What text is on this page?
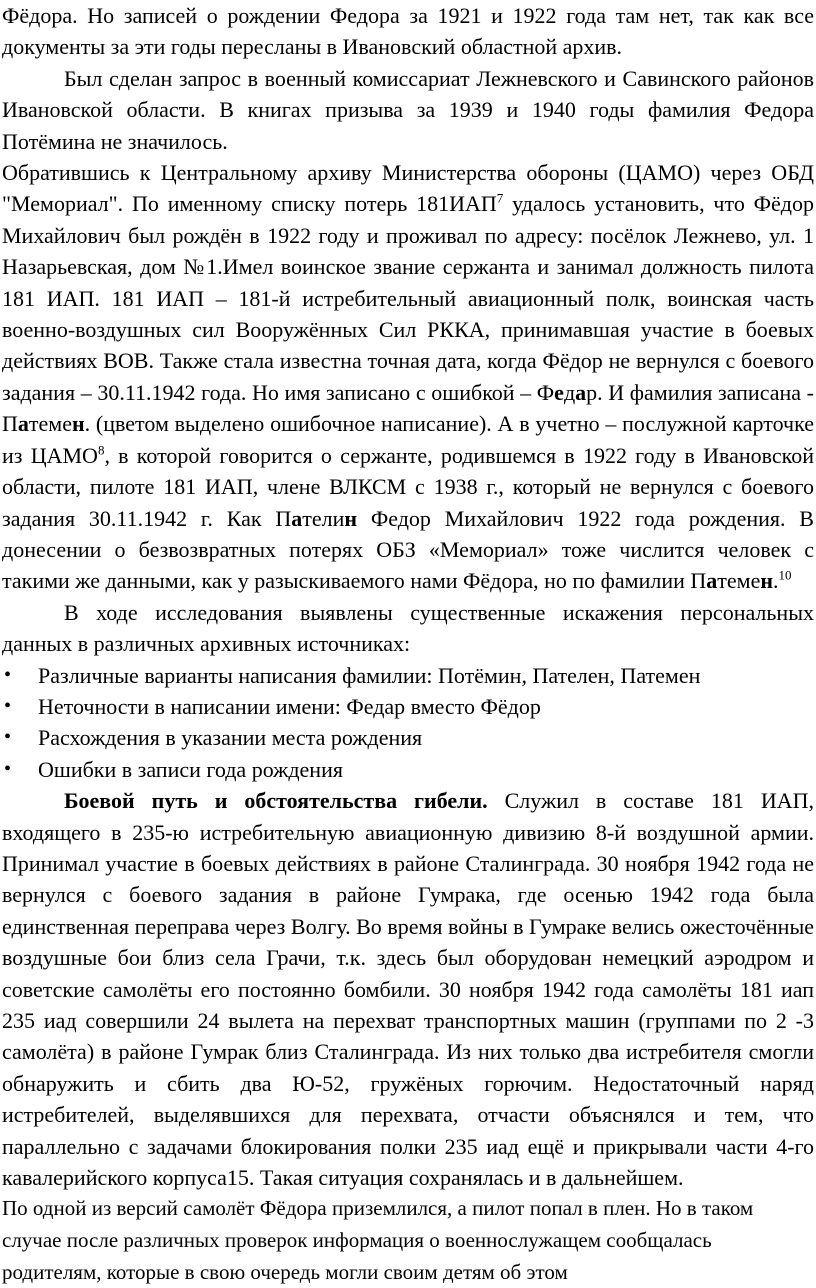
Фёдора. Но записей о рождении Федора за 1921 и 1922 года там нет, так как все документы за эти годы пересланы в Ивановский областной архив.

Был сделан запрос в военный комиссариат Лежневского и Савинского районов Ивановской области. В книгах призыва за 1939 и 1940 годы фамилия Федора Потёмина не значилось.

Обратившись к Центральному архиву Министерства обороны (ЦАМО) через ОБД "Мемориал". По именному списку потерь 181ИАП$^7$ удалось установить, что Фёдор Михайлович был рождён в 1922 году и проживал по адресу: посёлок Лежнево, ул. 1 Назарьевская, дом №1.Имел воинское звание сержанта и занимал должность пилота 181 ИАП. 181 ИАП – 181-й истребительный авиационный полк, воинская часть военно-воздушных сил Вооружённых Сил РККА, принимавшая участие в боевых действиях ВОВ. Также стала известна точная дата, когда Фёдор не вернулся с боевого задания – 30.11.1942 года. Но имя записано с ошибкой – Федар. И фамилия записана - Патемен. (цветом выделено ошибочное написание). А в учетно – послужной карточке из ЦАМО$^8$, в которой говорится о сержанте, родившемся в 1922 году в Ивановской области, пилоте 181 ИАП, члене ВЛКСМ с 1938 г., который не вернулся с боевого задания 30.11.1942 г. Как Пателин Федор Михайлович 1922 года рождения. В донесении о безвозвратных потерях ОБЗ «Мемориал» тоже числится человек с такими же данными, как у разыскиваемого нами Фёдора, но по фамилии Патемен.$^{10}$

В ходе исследования выявлены существенные искажения персональных данных в различных архивных источниках:

• Различные варианты написания фамилии: Потёмин, Пателен, Патемен
• Неточности в написании имени: Федар вместо Фёдор
• Расхождения в указании места рождения
• Ошибки в записи года рождения

Боевой путь и обстоятельства гибели. Служил в составе 181 ИАП, входящего в 235-ю истребительную авиационную дивизию 8-й воздушной армии. Принимал участие в боевых действиях в районе Сталинграда. 30 ноября 1942 года не вернулся с боевого задания в районе Гумрака, где осенью 1942 года была единственная переправа через Волгу. Во время войны в Гумраке велись ожесточённые воздушные бои близ села Грачи, т.к. здесь был оборудован немецкий аэродром и советские самолёты его постоянно бомбили. 30 ноября 1942 года самолёты 181 иап 235 иад совершили 24 вылета на перехват транспортных машин (группами по 2 -3 самолёта) в районе Гумрак близ Сталинграда. Из них только два истребителя смогли обнаружить и сбить два Ю-52, гружёных горючим. Недостаточный наряд истребителей, выделявшихся для перехвата, отчасти объяснялся и тем, что параллельно с задачами блокирования полки 235 иад ещё и прикрывали части 4-го кавалерийского корпуса15. Такая ситуация сохранялась и в дальнейшем.

По одной из версий самолёт Фёдора приземлился, а пилот попал в плен. Но в таком случае после различных проверок информация о военнослужащем сообщалась родителям, которые в свою очередь могли своим детям об этом
